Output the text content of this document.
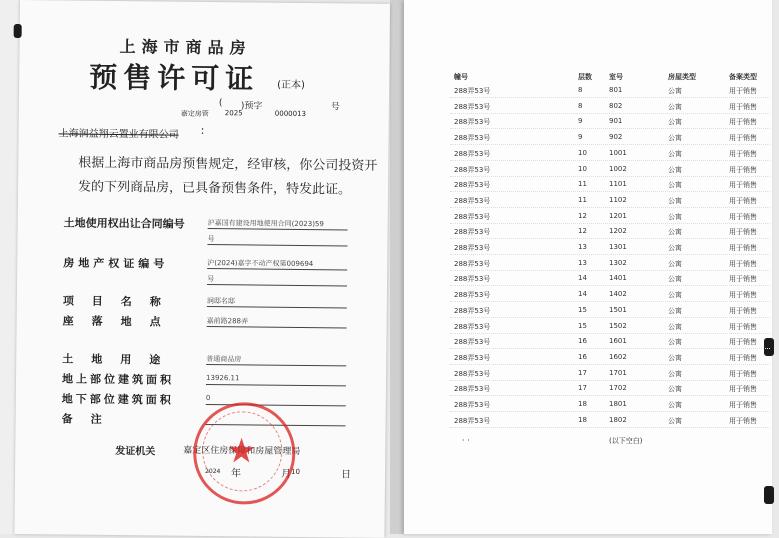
上海市商品房
预售许可证 (正本)
( )预字	号
嘉定房管 2025	0000013
上海润益翔云置业有限公司 :
根据上海市商品房预售规定，经审核，你公司投资开发的下列商品房，已具备预售条件，特发此证。
土地使用权出让合同编号	沪嘉国有建设用地使用合同(2023)59
号
房地产权证编号	沪(2024)嘉字不动产权第009694
号
项目名称	润邸名邸
座落地点	嘉前路288弄
土地用途	普通商品房
地上部位建筑面积	13926.11
地下部位建筑面积	0
备注
发证机关	嘉定区住房保障和房屋管理局
2024 年	月 10	日
★
幢号	层数 室号	房屋类型	备案类型
288弄53号	8	801	公寓	用于销售
288弄53号	8	802	公寓	用于销售
288弄53号	9	901	公寓	用于销售
288弄53号	9	902	公寓	用于销售
288弄53号	10	1001	公寓	用于销售
288弄53号	10	1002	公寓	用于销售
288弄53号	11	1101	公寓	用于销售
288弄53号	11	1102	公寓	用于销售
288弄53号	12	1201	公寓	用于销售
288弄53号	12	1202	公寓	用于销售
288弄53号	13	1301	公寓	用于销售
288弄53号	13	1302	公寓	用于销售
288弄53号	14	1401	公寓	用于销售
288弄53号	14	1402	公寓	用于销售
288弄53号	15	1501	公寓	用于销售
288弄53号	15	1502	公寓	用于销售
288弄53号	16	1601	公寓	用于销售
288弄53号	16	1602	公寓	用于销售
288弄53号	17	1701	公寓	用于销售
288弄53号	17	1702	公寓	用于销售
288弄53号	18	1801	公寓	用于销售
288弄53号	18	1802	公寓	用于销售
· ·	(以下空白)
